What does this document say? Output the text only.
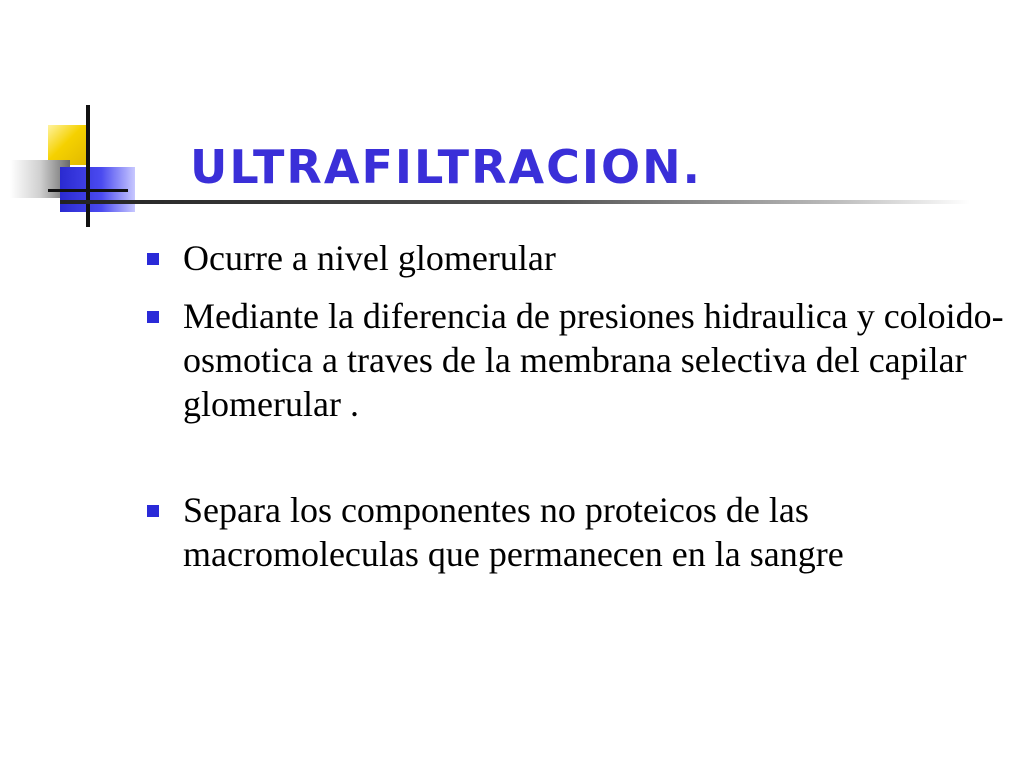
ULTRAFILTRACION.
Ocurre a nivel glomerular
Mediante la diferencia de presiones hidraulica y coloido-osmotica a traves de la membrana selectiva del capilar glomerular .
Separa los componentes no proteicos de las macromoleculas que permanecen en la sangre
